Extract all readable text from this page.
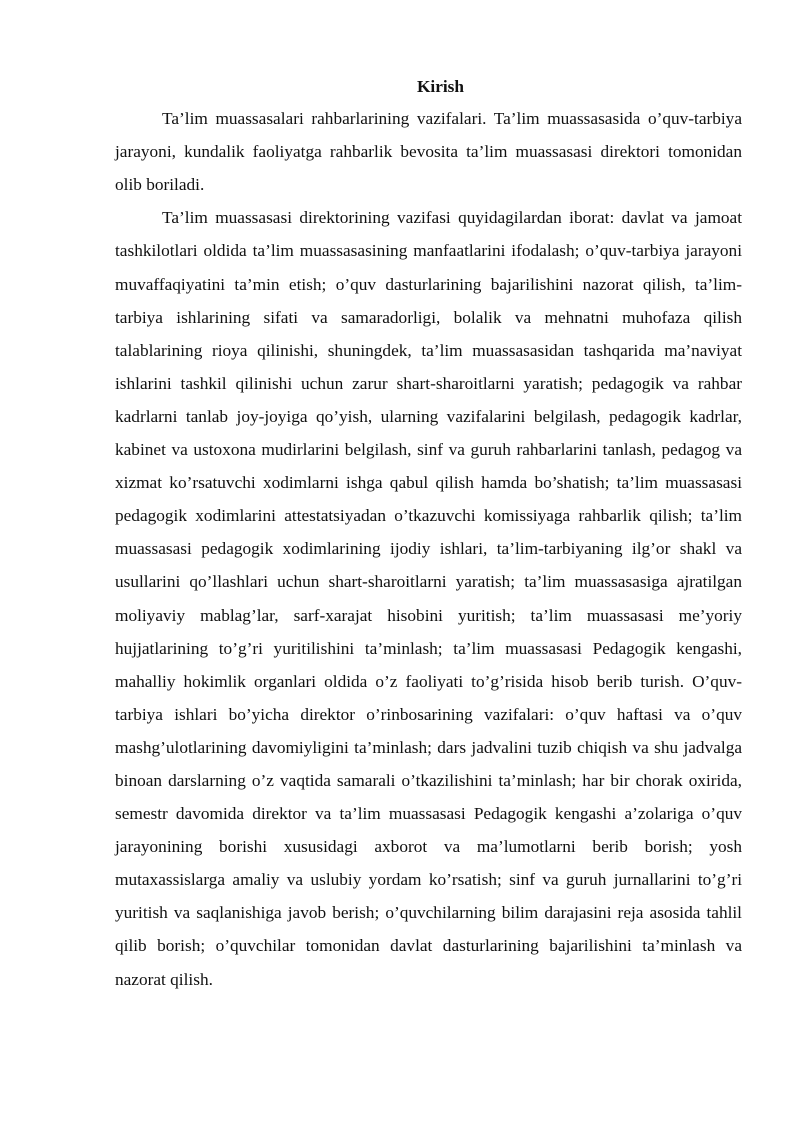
Kirish

Ta’lim muassasalari rahbarlarining vazifalari. Ta’lim muassasasida o’quv-tarbiya jarayoni, kundalik faoliyatga rahbarlik bevosita ta’lim muassasasi direktori tomonidan olib boriladi.

Ta’lim muassasasi direktorining vazifasi quyidagilardan iborat: davlat va jamoat tashkilotlari oldida ta’lim muassasasining manfaatlarini ifodalash; o’quv-tarbiya jarayoni muvaffaqiyatini ta’min etish; o’quv dasturlarining bajarilishini nazorat qilish, ta’lim-tarbiya ishlarining sifati va samaradorligi, bolalik va mehnatni muhofaza qilish talablarining rioya qilinishi, shuningdek, ta’lim muassasasidan tashqarida ma’naviyat ishlarini tashkil qilinishi uchun zarur shart-sharoitlarni yaratish; pedagogik va rahbar kadrlarni tanlab joy-joyiga qo’yish, ularning vazifalarini belgilash, pedagogik kadrlar, kabinet va ustoxona mudirlarini belgilash, sinf va guruh rahbarlarini tanlash, pedagog va xizmat ko’rsatuvchi xodimlarni ishga qabul qilish hamda bo’shatish; ta’lim muassasasi pedagogik xodimlarini attestatsiyadan o’tkazuvchi komissiyaga rahbarlik qilish; ta’lim muassasasi pedagogik xodimlarining ijodiy ishlari, ta’lim-tarbiyaning ilg’or shakl va usullarini qo’llashlari uchun shart-sharoitlarni yaratish; ta’lim muassasasiga ajratilgan moliyaviy mablag’lar, sarf-xarajat hisobini yuritish; ta’lim muassasasi me’yoriy hujjatlarining to’g’ri yuritilishini ta’minlash; ta’lim muassasasi Pedagogik kengashi, mahalliy hokimlik organlari oldida o’z faoliyati to’g’risida hisob berib turish. O’quv-tarbiya ishlari bo’yicha direktor o’rinbosarining vazifalari: o’quv haftasi va o’quv mashg’ulotlarining davomiyligini ta’minlash; dars jadvalini tuzib chiqish va shu jadvalga binoan darslarning o’z vaqtida samarali o’tkazilishini ta’minlash; har bir chorak oxirida, semestr davomida direktor va ta’lim muassasasi Pedagogik kengashi a’zolariga o’quv jarayonining borishi xususidagi axborot va ma’lumotlarni berib borish; yosh mutaxassislarga amaliy va uslubiy yordam ko’rsatish; sinf va guruh jurnallarini to’g’ri yuritish va saqlanishiga javob berish; o’quvchilarning bilim darajasini reja asosida tahlil qilib borish; o’quvchilar tomonidan davlat dasturlarining bajarilishini ta’minlash va nazorat qilish.
